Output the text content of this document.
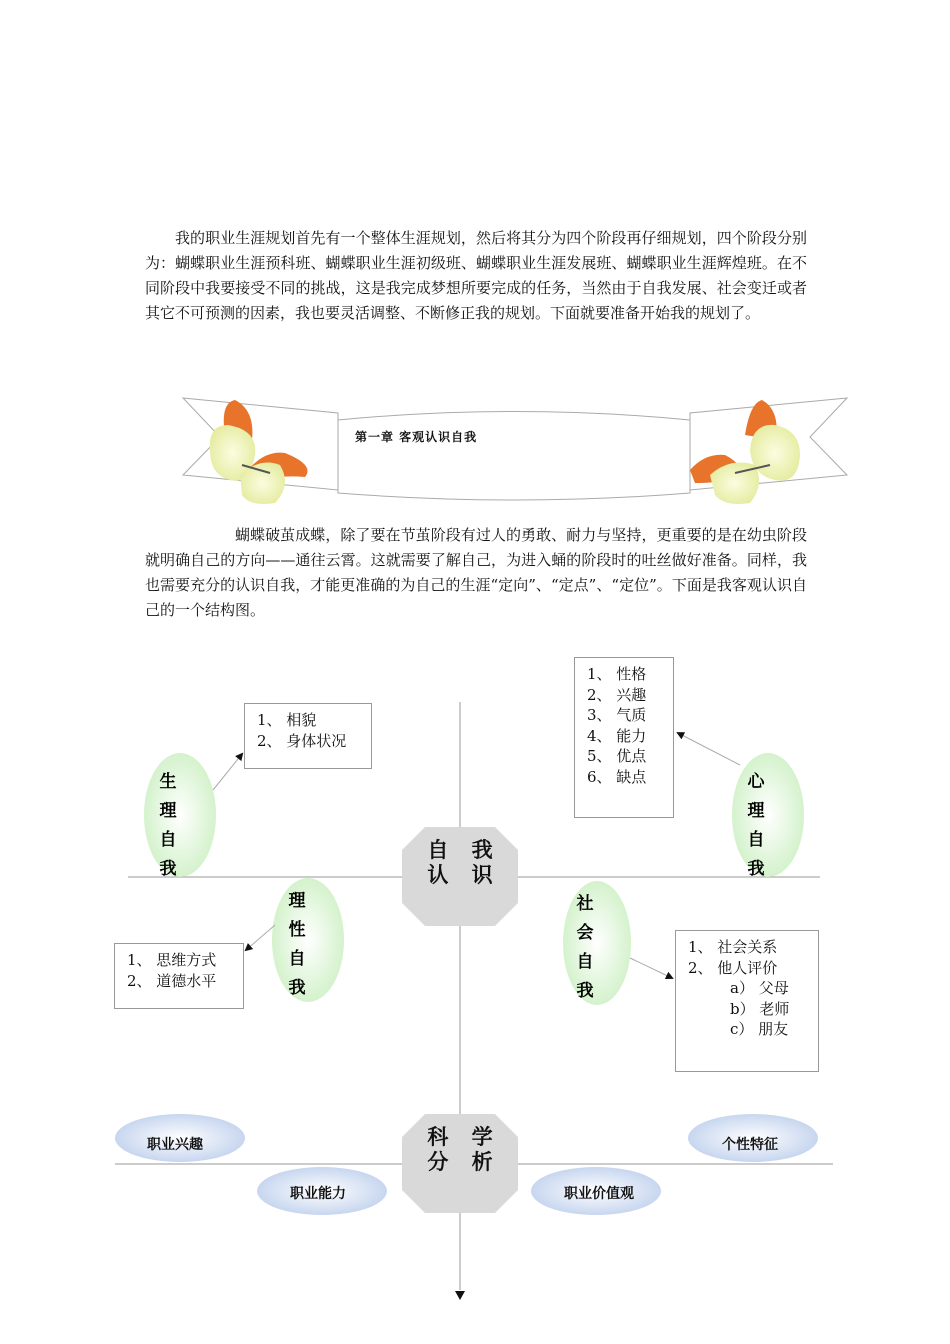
我的职业生涯规划首先有一个整体生涯规划，然后将其分为四个阶段再仔细规划，四个阶段分别为：蝴蝶职业生涯预科班、蝴蝶职业生涯初级班、蝴蝶职业生涯发展班、蝴蝶职业生涯辉煌班。在不同阶段中我要接受不同的挑战，这是我完成梦想所要完成的任务，当然由于自我发展、社会变迁或者其它不可预测的因素，我也要灵活调整、不断修正我的规划。下面就要准备开始我的规划了。

第一章 客观认识自我

蝴蝶破茧成蝶，除了要在节茧阶段有过人的勇敢、耐力与坚持，更重要的是在幼虫阶段就明确自己的方向——通往云霄。这就需要了解自己，为进入蛹的阶段时的吐丝做好准备。同样，我也需要充分的认识自我，才能更准确的为自己的生涯“定向”、“定点”、“定位”。下面是我客观认识自己的一个结构图。

生
理
自
我
心
理
自
我
理
性
自
我
社
会
自
我
1、 相貌
2、 身体状况
1、 性格
2、 兴趣
3、 气质
4、 能力
5、 优点
6、 缺点
1、 思维方式
2、 道德水平
1、 社会关系
2、 他人评价
a） 父母
b） 老师
c） 朋友
自 我
认 识
科 学
分 析
职业兴趣	个性特征
职业能力	职业价值观
